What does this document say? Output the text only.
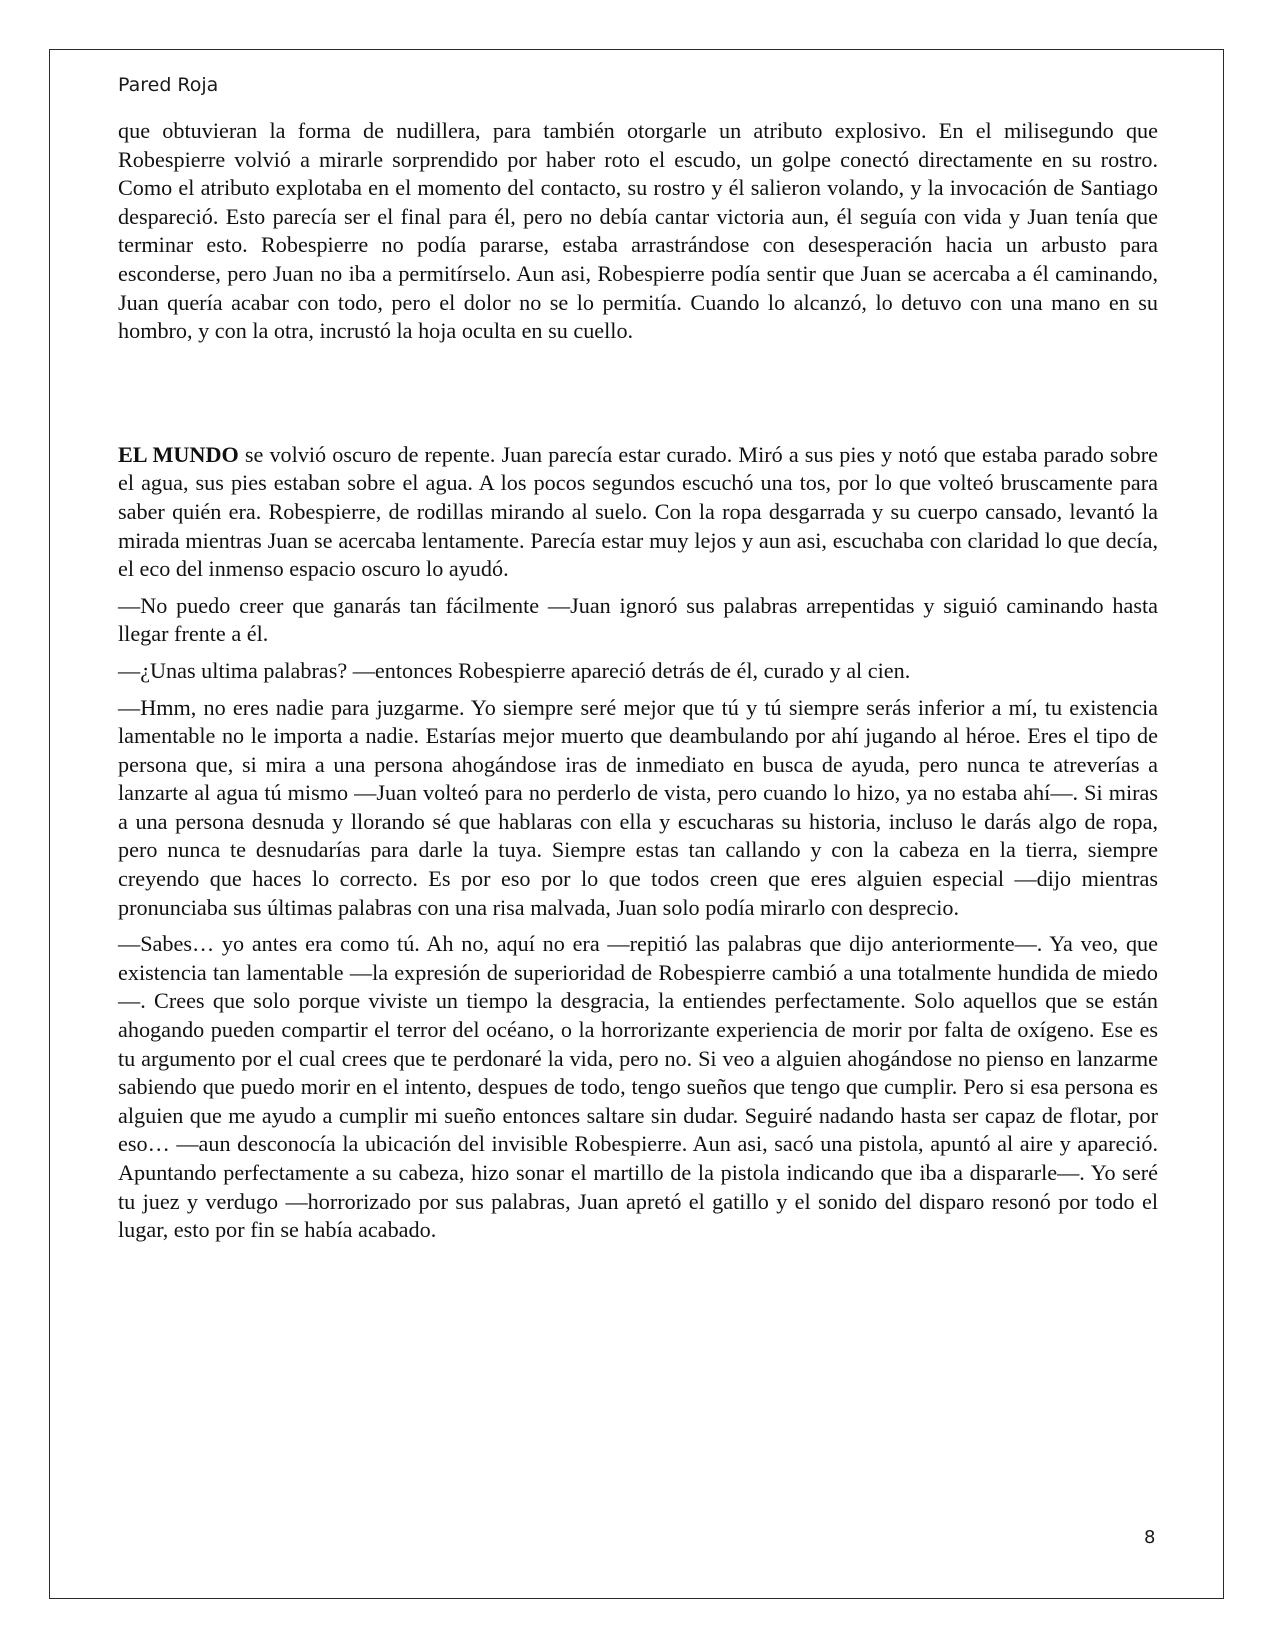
Pared Roja

que obtuvieran la forma de nudillera, para también otorgarle un atributo explosivo. En el milisegundo que Robespierre volvió a mirarle sorprendido por haber roto el escudo, un golpe conectó directamente en su rostro. Como el atributo explotaba en el momento del contacto, su rostro y él salieron volando, y la invocación de Santiago despareció. Esto parecía ser el final para él, pero no debía cantar victoria aun, él seguía con vida y Juan tenía que terminar esto. Robespierre no podía pararse, estaba arrastrándose con desesperación hacia un arbusto para esconderse, pero Juan no iba a permitírselo. Aun asi, Robespierre podía sentir que Juan se acercaba a él caminando, Juan quería acabar con todo, pero el dolor no se lo permitía. Cuando lo alcanzó, lo detuvo con una mano en su hombro, y con la otra, incrustó la hoja oculta en su cuello.

EL MUNDO se volvió oscuro de repente. Juan parecía estar curado. Miró a sus pies y notó que estaba parado sobre el agua, sus pies estaban sobre el agua. A los pocos segundos escuchó una tos, por lo que volteó bruscamente para saber quién era. Robespierre, de rodillas mirando al suelo. Con la ropa desgarrada y su cuerpo cansado, levantó la mirada mientras Juan se acercaba lentamente. Parecía estar muy lejos y aun asi, escuchaba con claridad lo que decía, el eco del inmenso espacio oscuro lo ayudó.

—No puedo creer que ganarás tan fácilmente —Juan ignoró sus palabras arrepentidas y siguió caminando hasta llegar frente a él.

—¿Unas ultima palabras? —entonces Robespierre apareció detrás de él, curado y al cien.

—Hmm, no eres nadie para juzgarme. Yo siempre seré mejor que tú y tú siempre serás inferior a mí, tu existencia lamentable no le importa a nadie. Estarías mejor muerto que deambulando por ahí jugando al héroe. Eres el tipo de persona que, si mira a una persona ahogándose iras de inmediato en busca de ayuda, pero nunca te atreverías a lanzarte al agua tú mismo —Juan volteó para no perderlo de vista, pero cuando lo hizo, ya no estaba ahí—. Si miras a una persona desnuda y llorando sé que hablaras con ella y escucharas su historia, incluso le darás algo de ropa, pero nunca te desnudarías para darle la tuya. Siempre estas tan callando y con la cabeza en la tierra, siempre creyendo que haces lo correcto. Es por eso por lo que todos creen que eres alguien especial —dijo mientras pronunciaba sus últimas palabras con una risa malvada, Juan solo podía mirarlo con desprecio.

—Sabes… yo antes era como tú. Ah no, aquí no era —repitió las palabras que dijo anteriormente—. Ya veo, que existencia tan lamentable —la expresión de superioridad de Robespierre cambió a una totalmente hundida de miedo—. Crees que solo porque viviste un tiempo la desgracia, la entiendes perfectamente. Solo aquellos que se están ahogando pueden compartir el terror del océano, o la horrorizante experiencia de morir por falta de oxígeno. Ese es tu argumento por el cual crees que te perdonaré la vida, pero no. Si veo a alguien ahogándose no pienso en lanzarme sabiendo que puedo morir en el intento, despues de todo, tengo sueños que tengo que cumplir. Pero si esa persona es alguien que me ayudo a cumplir mi sueño entonces saltare sin dudar. Seguiré nadando hasta ser capaz de flotar, por eso… —aun desconocía la ubicación del invisible Robespierre. Aun asi, sacó una pistola, apuntó al aire y apareció. Apuntando perfectamente a su cabeza, hizo sonar el martillo de la pistola indicando que iba a dispararle—. Yo seré tu juez y verdugo —horrorizado por sus palabras, Juan apretó el gatillo y el sonido del disparo resonó por todo el lugar, esto por fin se había acabado.

8
